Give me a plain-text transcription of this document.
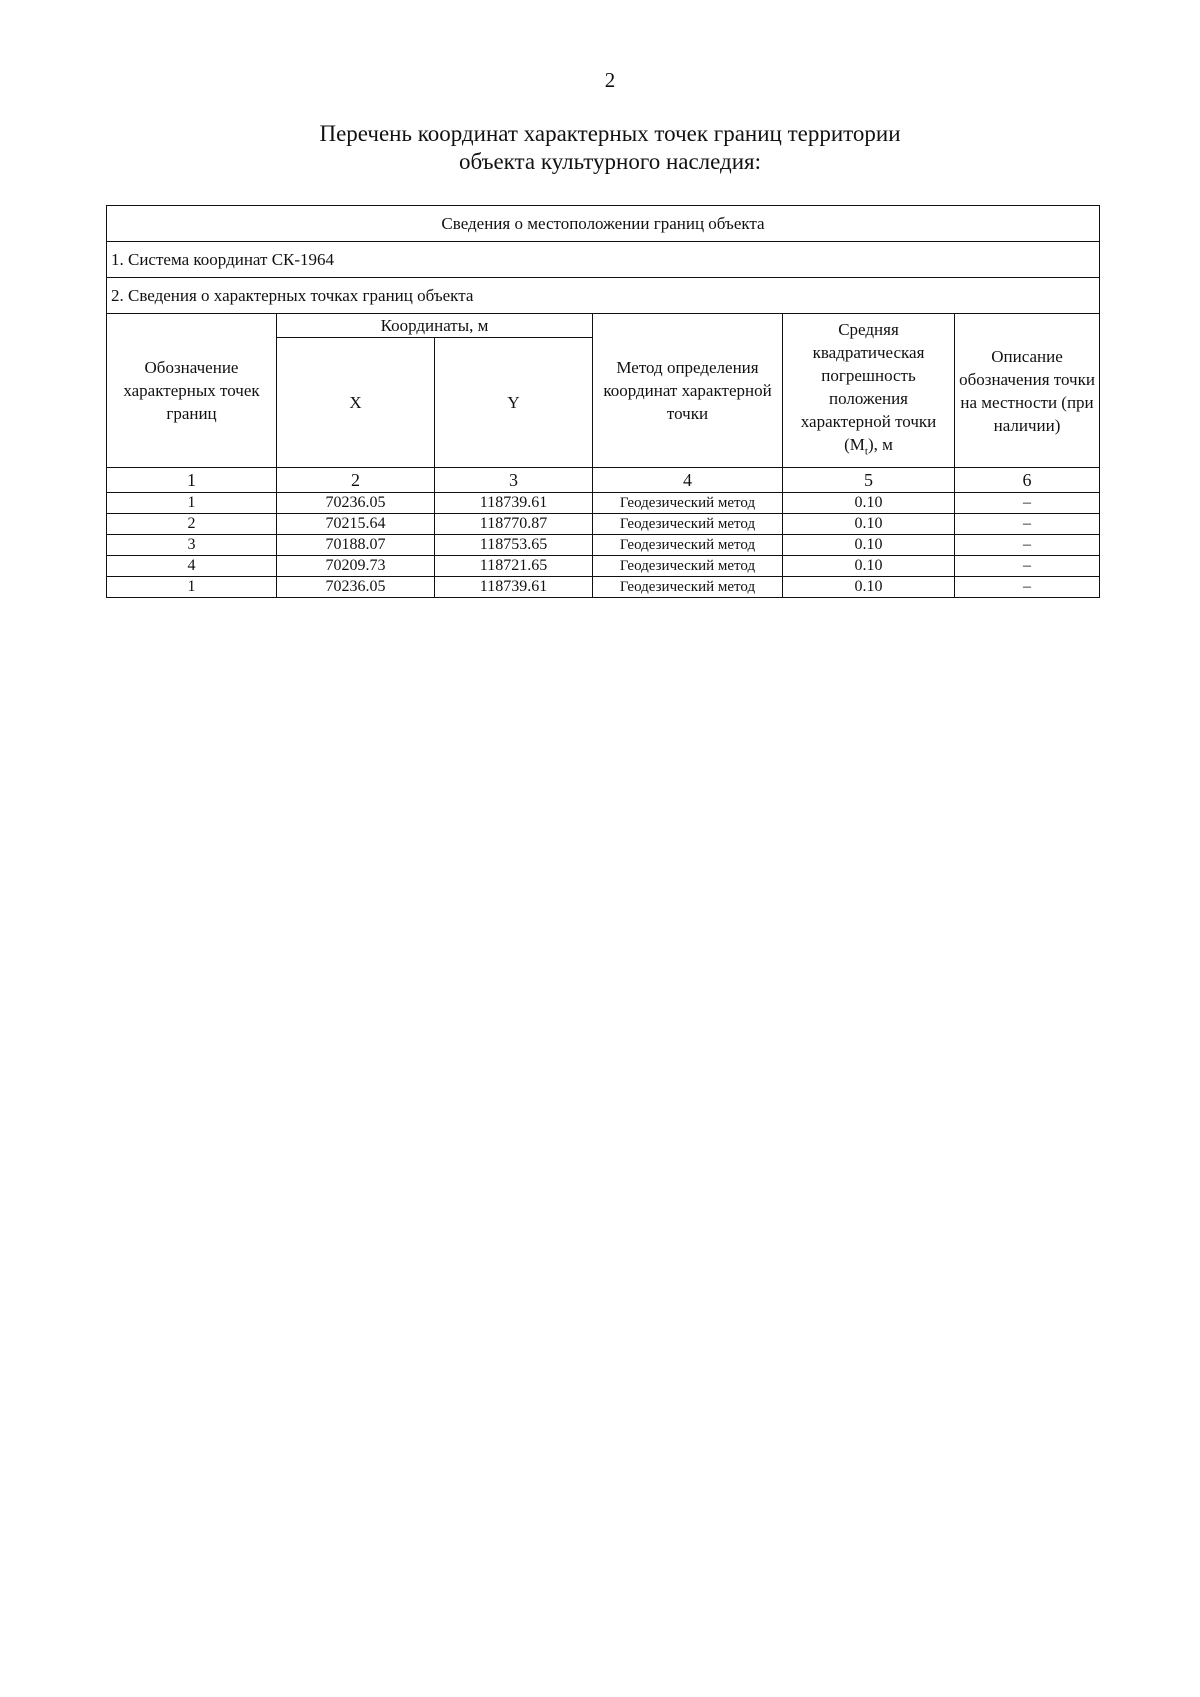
2
Перечень координат характерных точек границ территории
объекта культурного наследия:
Сведения о местоположении границ объекта					
1. Система координат СК-1964					
2. Сведения о характерных точках границ объекта					
Обозначение характерных точек границ	Координаты, м		Метод определения координат характерной точки	Средняя квадратическая погрешность положения характерной точки $(M_t)$, м	Описание обозначения точки на местности (при наличии)
	X	Y			
1	2	3	4	5	6
1	70236.05	118739.61	Геодезический метод	0.10	–
2	70215.64	118770.87	Геодезический метод	0.10	–
3	70188.07	118753.65	Геодезический метод	0.10	–
4	70209.73	118721.65	Геодезический метод	0.10	–
1	70236.05	118739.61	Геодезический метод	0.10	–
